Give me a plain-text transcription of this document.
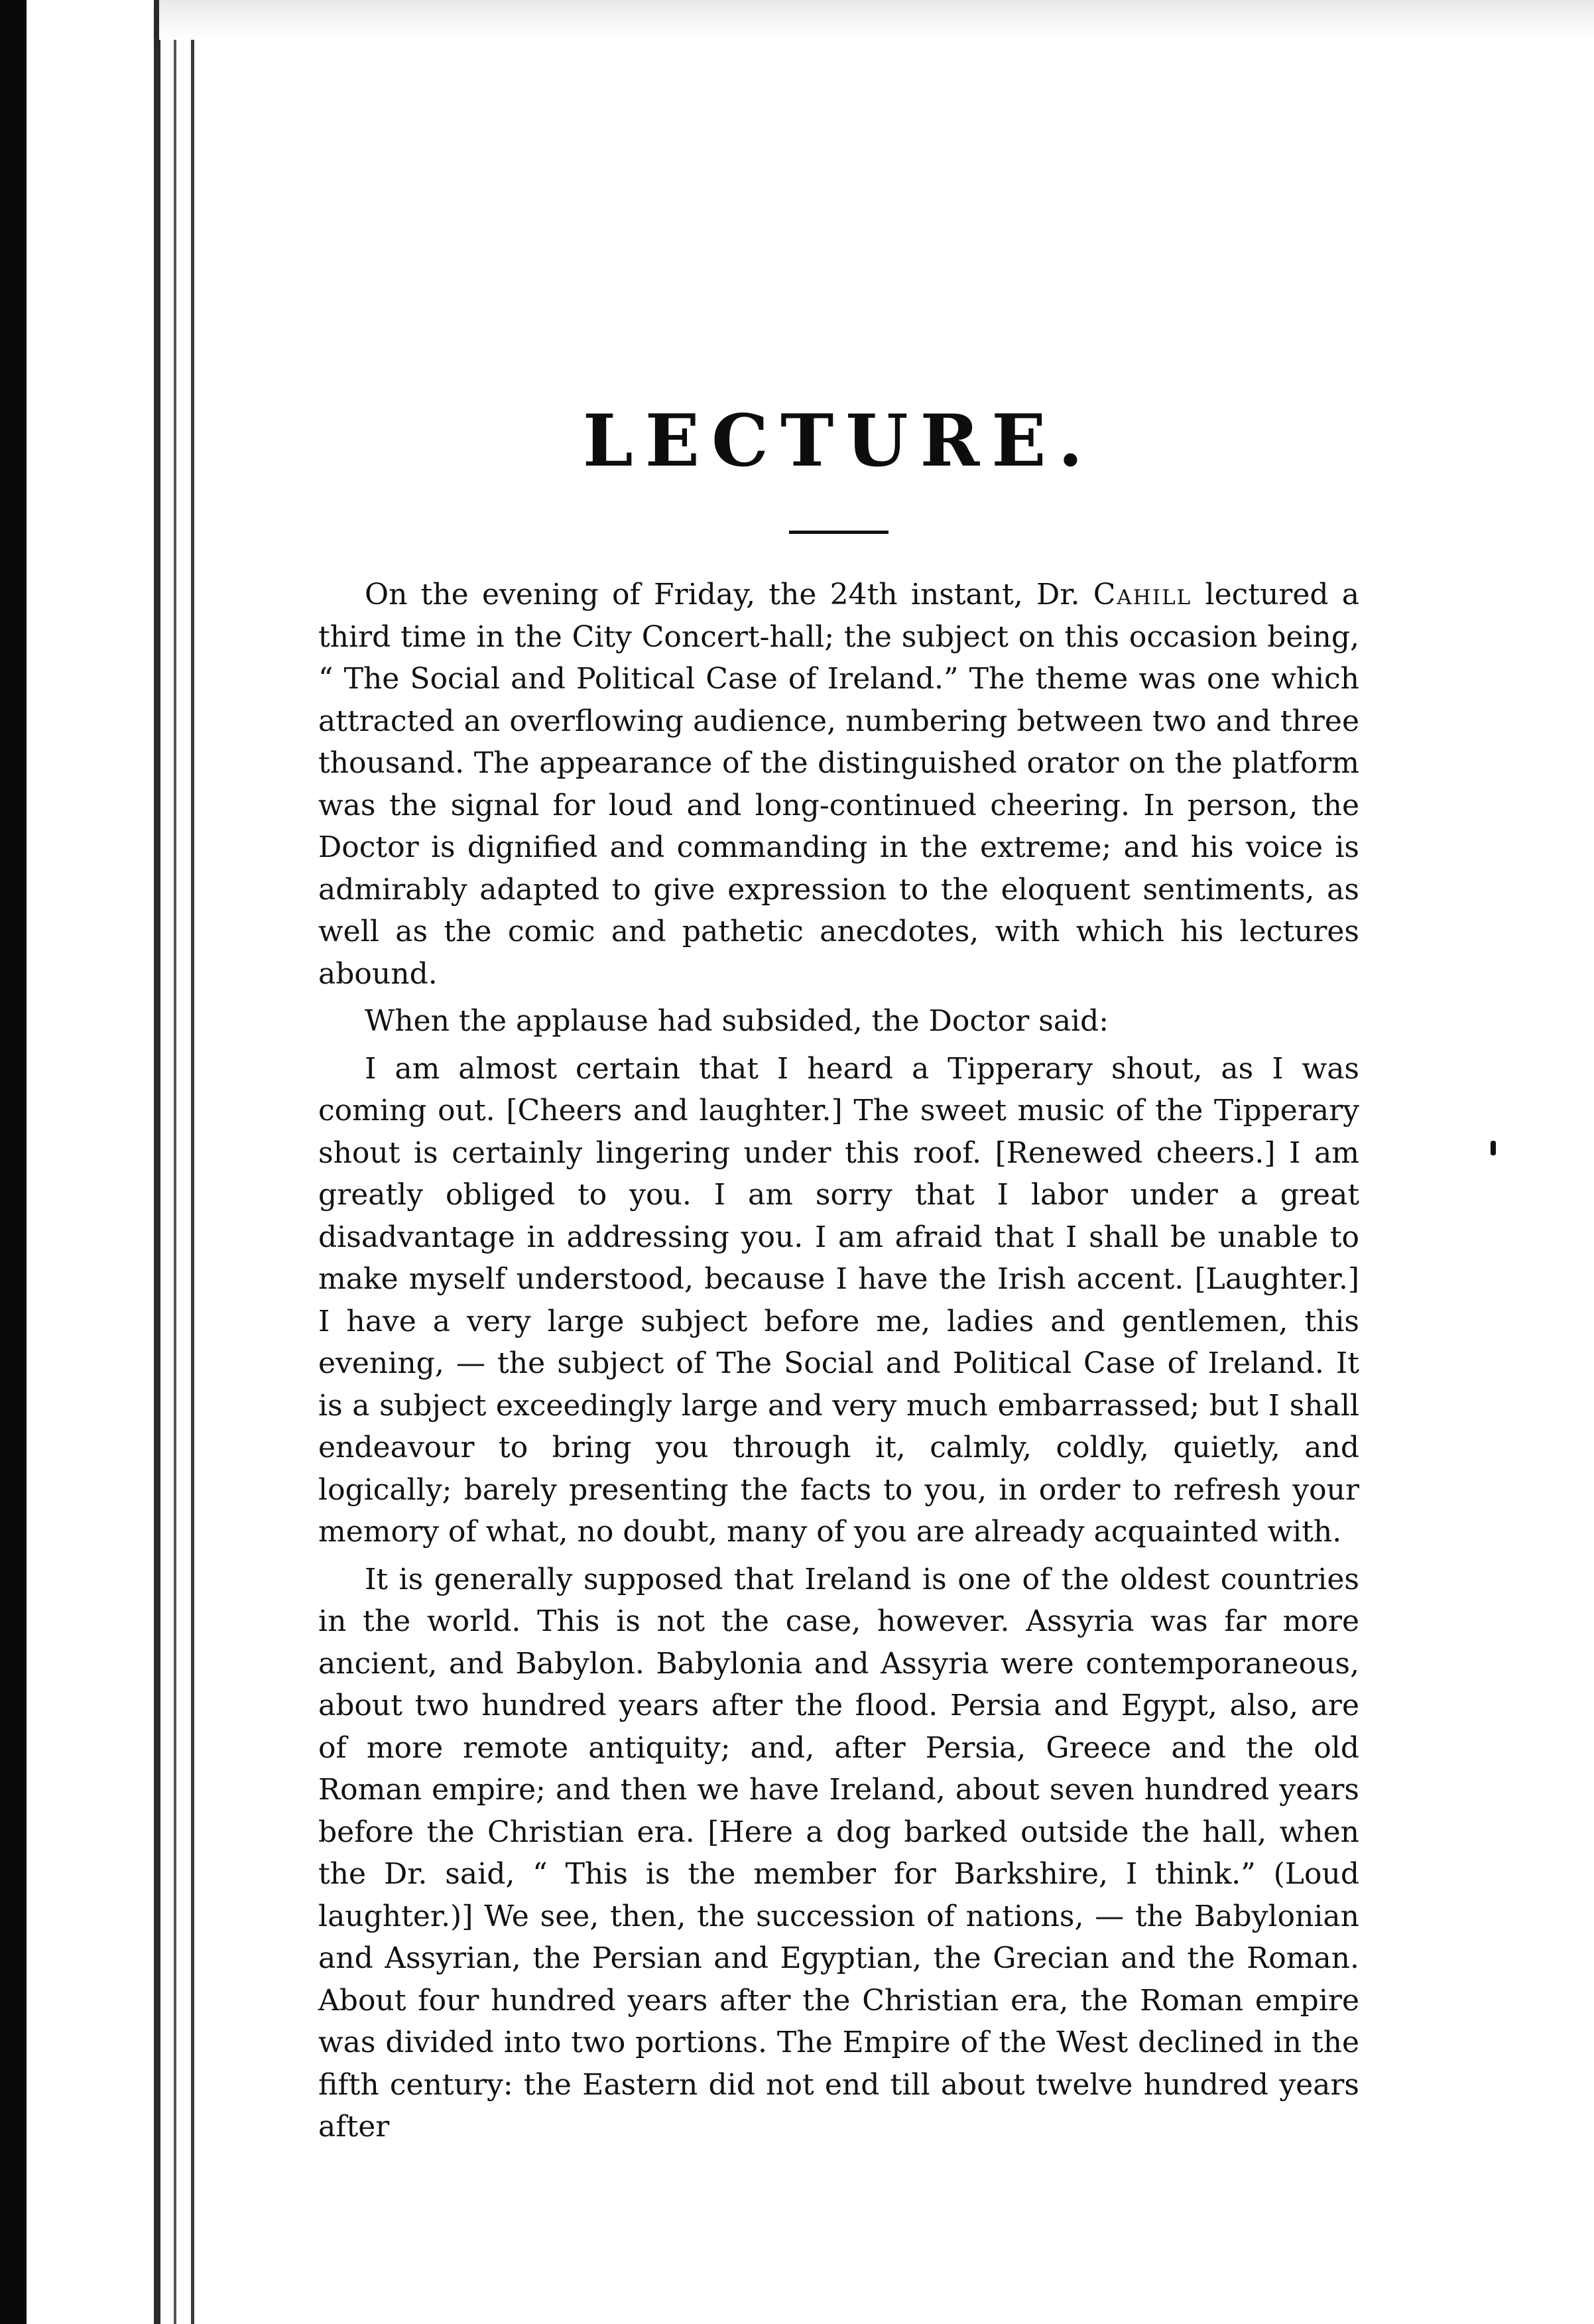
LECTURE.

On the evening of Friday, the 24th instant, Dr. Cahill lectured a third time in the City Concert-hall; the subject on this occasion being, “ The Social and Political Case of Ireland.” The theme was one which attracted an overflowing audience, numbering between two and three thousand. The appearance of the distinguished orator on the platform was the signal for loud and long-continued cheering. In person, the Doctor is dignified and commanding in the extreme; and his voice is admirably adapted to give expression to the eloquent sentiments, as well as the comic and pathetic anecdotes, with which his lectures abound.

When the applause had subsided, the Doctor said:

I am almost certain that I heard a Tipperary shout, as I was coming out. [Cheers and laughter.] The sweet music of the Tipperary shout is certainly lingering under this roof. [Renewed cheers.] I am greatly obliged to you. I am sorry that I labor under a great disadvantage in addressing you. I am afraid that I shall be unable to make myself understood, because I have the Irish accent. [Laughter.] I have a very large subject before me, ladies and gentlemen, this evening, — the subject of The Social and Political Case of Ireland. It is a subject exceedingly large and very much embarrassed; but I shall endeavour to bring you through it, calmly, coldly, quietly, and logically; barely presenting the facts to you, in order to refresh your memory of what, no doubt, many of you are already acquainted with.

It is generally supposed that Ireland is one of the oldest countries in the world. This is not the case, however. Assyria was far more ancient, and Babylon. Babylonia and Assyria were contemporaneous, about two hundred years after the flood. Persia and Egypt, also, are of more remote antiquity; and, after Persia, Greece and the old Roman empire; and then we have Ireland, about seven hundred years before the Christian era. [Here a dog barked outside the hall, when the Dr. said, “ This is the member for Barkshire, I think.” (Loud laughter.)] We see, then, the succession of nations, — the Babylonian and Assyrian, the Persian and Egyptian, the Grecian and the Roman. About four hundred years after the Christian era, the Roman empire was divided into two portions. The Empire of the West declined in the fifth century: the Eastern did not end till about twelve hundred years after
